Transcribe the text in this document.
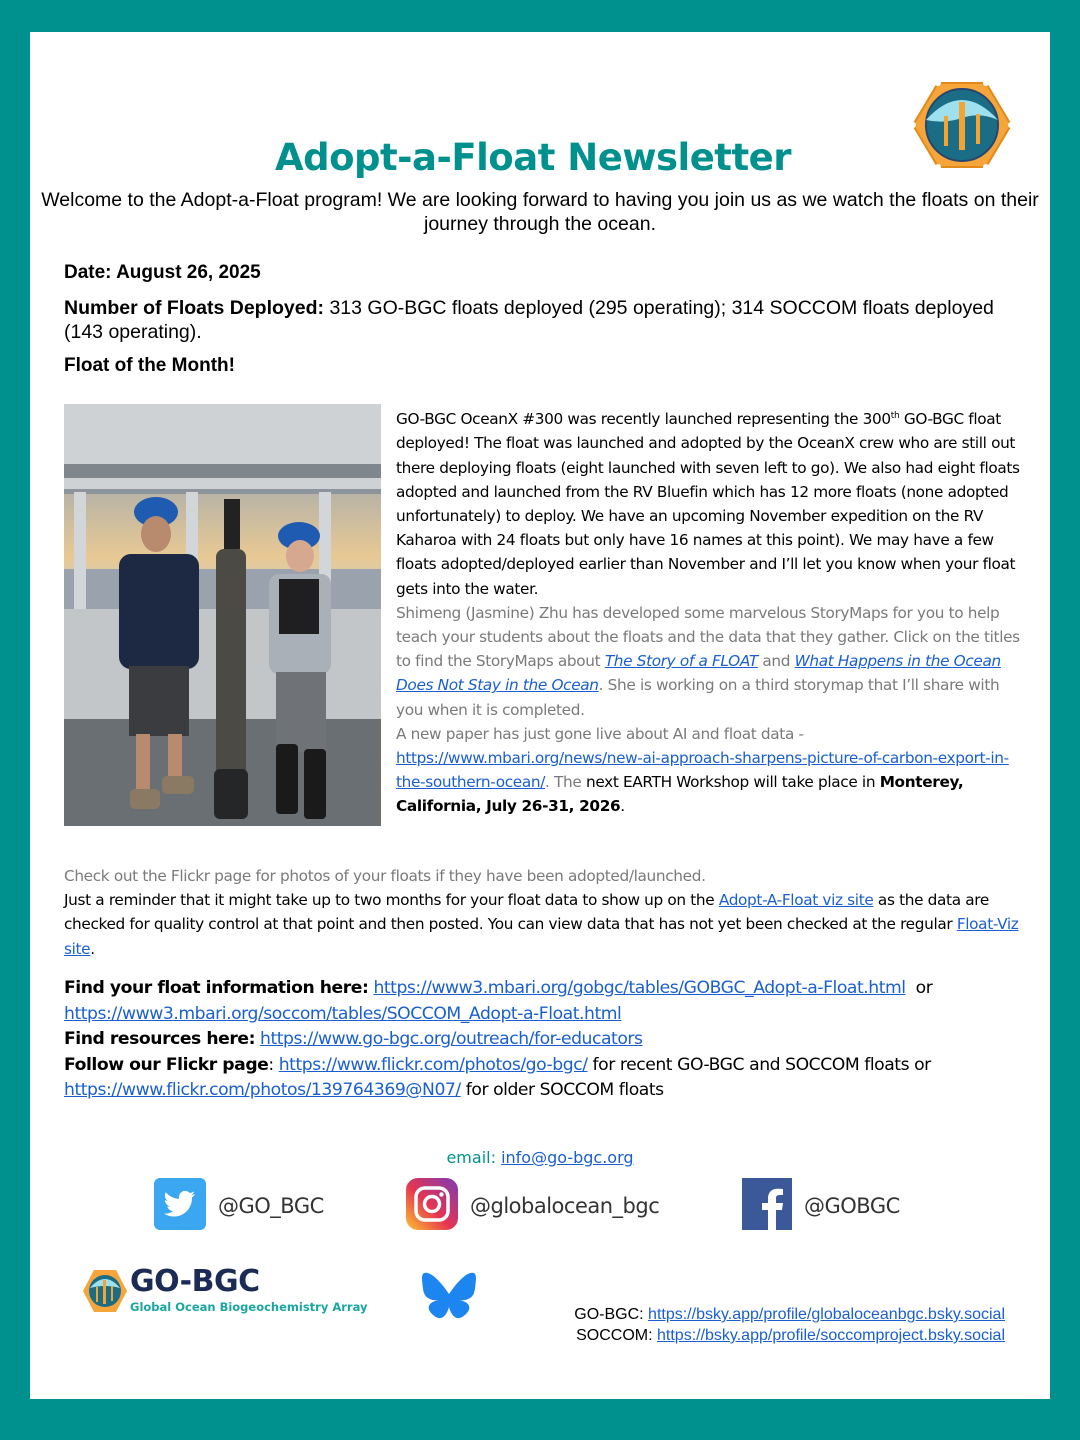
Adopt-a-Float Newsletter

Welcome to the Adopt-a-Float program! We are looking forward to having you join us as we watch the floats on their journey through the ocean.

Date: August 26, 2025
Number of Floats Deployed: 313 GO-BGC floats deployed (295 operating); 314 SOCCOM floats deployed (143 operating).
Float of the Month!

GO-BGC OceanX #300 was recently launched representing the 300th GO-BGC float deployed! The float was launched and adopted by the OceanX crew who are still out there deploying floats (eight launched with seven left to go). We also had eight floats adopted and launched from the RV Bluefin which has 12 more floats (none adopted unfortunately) to deploy. We have an upcoming November expedition on the RV Kaharoa with 24 floats but only have 16 names at this point). We may have a few floats adopted/deployed earlier than November and I’ll let you know when your float gets into the water.

Shimeng (Jasmine) Zhu has developed some marvelous StoryMaps for you to help teach your students about the floats and the data that they gather. Click on the titles to find the StoryMaps about The Story of a FLOAT and What Happens in the Ocean Does Not Stay in the Ocean. She is working on a third storymap that I’ll share with you when it is completed.

A new paper has just gone live about AI and float data - https://www.mbari.org/news/new-ai-approach-sharpens-picture-of-carbon-export-in-the-southern-ocean/. The next EARTH Workshop will take place in Monterey, California, July 26-31, 2026.

Check out the Flickr page for photos of your floats if they have been adopted/launched.

Just a reminder that it might take up to two months for your float data to show up on the Adopt-A-Float viz site as the data are checked for quality control at that point and then posted. You can view data that has not yet been checked at the regular Float-Viz site.

Find your float information here: https://www3.mbari.org/gobgc/tables/GOBGC_Adopt-a-Float.html  or
https://www3.mbari.org/soccom/tables/SOCCOM_Adopt-a-Float.html

Find resources here: https://www.go-bgc.org/outreach/for-educators

Follow our Flickr page: https://www.flickr.com/photos/go-bgc/ for recent GO-BGC and SOCCOM floats or https://www.flickr.com/photos/139764369@N07/ for older SOCCOM floats

email: info@go-bgc.org
@GO_BGC	@globalocean_bgc	@GOBGC
GO-BGC
Global Ocean Biogeochemistry Array	GO-BGC: https://bsky.app/profile/globaloceanbgc.bsky.social
SOCCOM: https://bsky.app/profile/soccomproject.bsky.social
